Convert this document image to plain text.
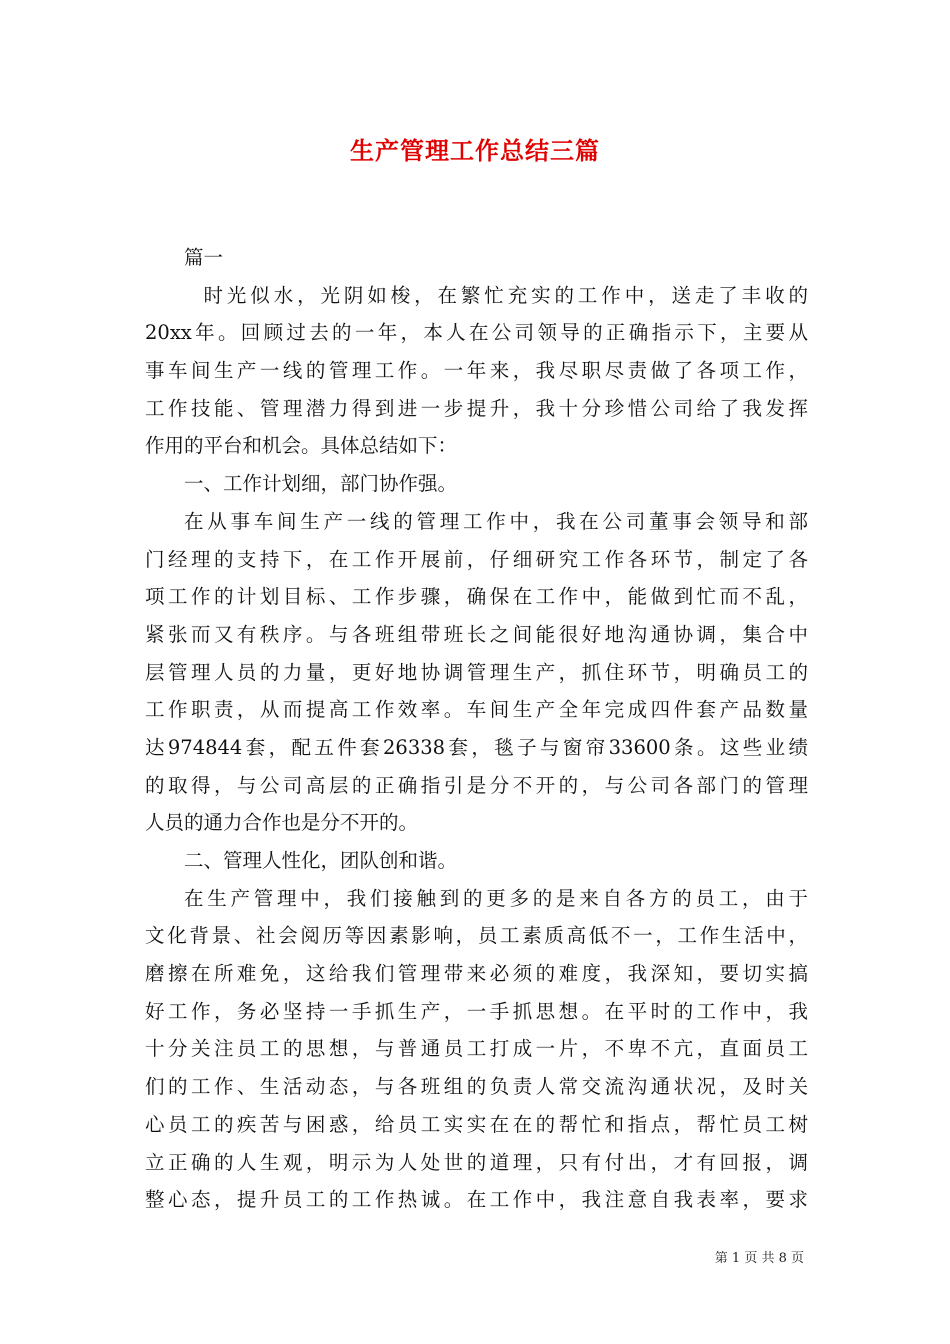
生产管理工作总结三篇
篇一
时光似水，光阴如梭，在繁忙充实的工作中，送走了丰收的
20xx年。回顾过去的一年，本人在公司领导的正确指示下，主要从
事车间生产一线的管理工作。一年来，我尽职尽责做了各项工作，
工作技能、管理潜力得到进一步提升，我十分珍惜公司给了我发挥
作用的平台和机会。具体总结如下：
一、工作计划细，部门协作强。
在从事车间生产一线的管理工作中，我在公司董事会领导和部
门经理的支持下，在工作开展前，仔细研究工作各环节，制定了各
项工作的计划目标、工作步骤，确保在工作中，能做到忙而不乱，
紧张而又有秩序。与各班组带班长之间能很好地沟通协调，集合中
层管理人员的力量，更好地协调管理生产，抓住环节，明确员工的
工作职责，从而提高工作效率。车间生产全年完成四件套产品数量
达974844套，配五件套26338套，毯子与窗帘33600条。这些业绩
的取得，与公司高层的正确指引是分不开的，与公司各部门的管理
人员的通力合作也是分不开的。
二、管理人性化，团队创和谐。
在生产管理中，我们接触到的更多的是来自各方的员工，由于
文化背景、社会阅历等因素影响，员工素质高低不一，工作生活中，
磨擦在所难免，这给我们管理带来必须的难度，我深知，要切实搞
好工作，务必坚持一手抓生产，一手抓思想。在平时的工作中，我
十分关注员工的思想，与普通员工打成一片，不卑不亢，直面员工
们的工作、生活动态，与各班组的负责人常交流沟通状况，及时关
心员工的疾苦与困惑，给员工实实在在的帮忙和指点，帮忙员工树
立正确的人生观，明示为人处世的道理，只有付出，才有回报，调
整心态，提升员工的工作热诚。在工作中，我注意自我表率，要求
第 1 页 共 8 页
